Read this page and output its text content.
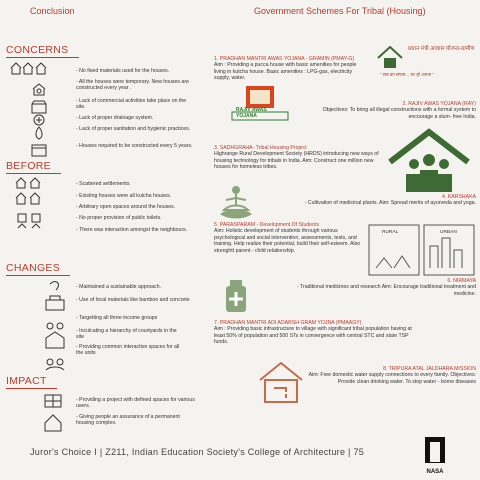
Conclusion	Government Schemes For Tribal (Housing)
CONCERNS
- No fixed materials used for the houses.
- All the houses were temporary. New houses are constructed every year .
- Lack of commercial activities take place on the site.
- Lack of proper drainage system.
- Lack of proper sanitation and hygienic practices.
- Houses required to be constructed every 5 years.
BEFORE
- Scattered settlements.
- Existing houses were all kutcha houses.
- Arbitrary open spaces around the houses.
- No proper provision of public toilets.
- There was interaction amongst the neighbours.
CHANGES
- Maintained a sustainable approach.
- Use of local materials like bamboo and concrete
- Targetting all three income groups
- Inculcating a hierarchy of courtyards in the site
- Providing common interactive spaces for all the units
IMPACT
- Providing a project with defined spaces for various users.
- Giving people an assurance of a permanent housing complex.
1. PRADHAN MANTRI AWAS YOJANA - GRAMIN (PMAY-G)
Aim : Providing a pucca house with basic amenities for people living in kutcha house. Basic amenities : LPG-gas, electricity supply, water.
प्रधान मंत्री आवास योजना-ग्रामीण
" सब का सपना... घर हो अपना "
RAJIV AWAS YOJANA
2. RAJIV AWAS YOJANA (RAY)
Objectives: To bring all illegal constructions with a formal system to encourage a slum- free India.
3. SADHGRAHA- Tribal Housing Project
Highrange Rural Development Society (HRDS) introducing new ways of housing technology for tribals in India. Aim: Construct one million new houses for homeless tribes.
4. KARSHAKA
- Cultivation of medicinal plants. Aim: Spread merits of ayurveda and yoga.
5. PARASPARAM - Development Of Students
Aim: Holistic development of students through various psychological and social intervention, assessments, tests, and training. Help realize their potential, build their self-esteem. Also strenghtt parent - child relationship.
RURAL	URBAN
6. NIRMAYA
- Traditional medicines and research Aim: Encourage traditional treatment and medicine.
7. PRADHAN MANTRI ADI ADARSH GRAM YOJNA (PMAAGY)
Aim : Providing basic infrastructure to village with significant tribal population having at least 50% of population and 500 STs in convergence with central STC and state TSP funds.
8. TRIPURA ATAL JALDHARA MISSION
Aim: Free domestic water supply connections to every family. Objectives: Provide clean drinking water. To stop water - borne diseases
Juror's Choice I | Z211, Indian Education Society's College of Architecture | 75
NASA
